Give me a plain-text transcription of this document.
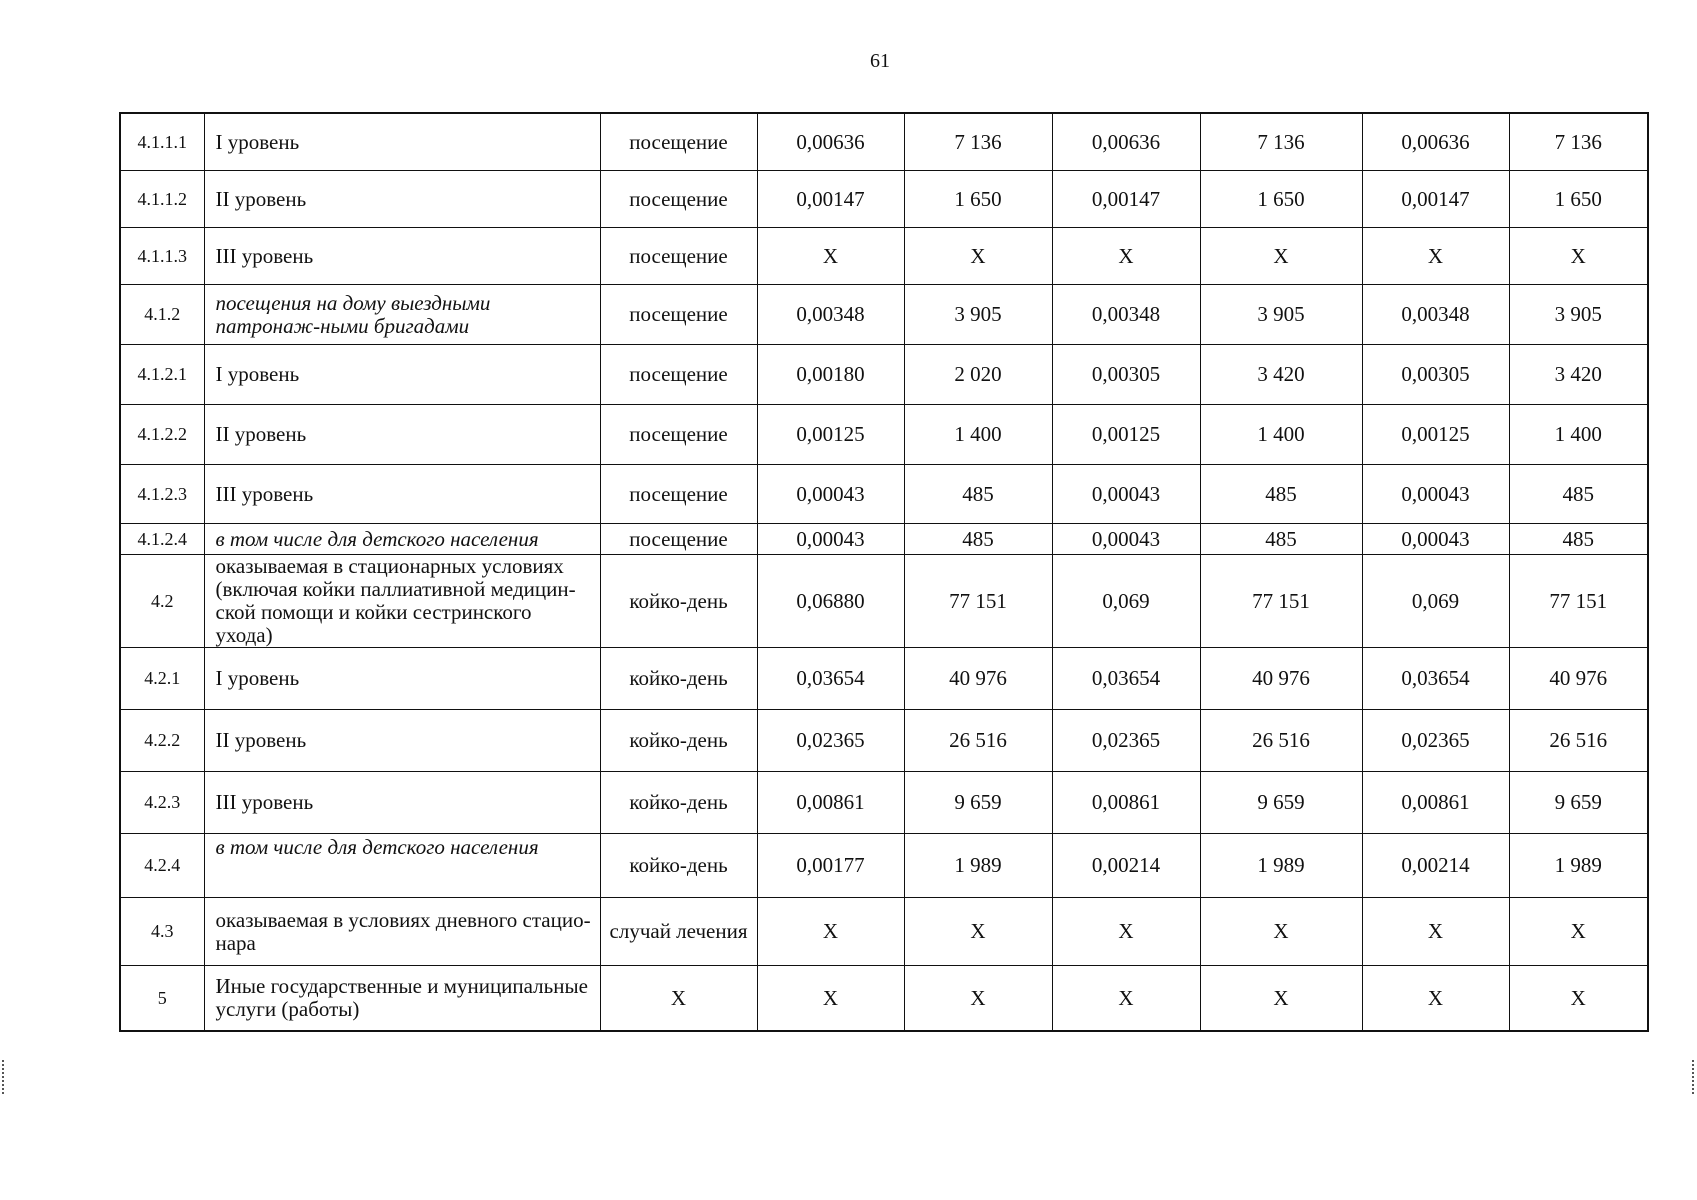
61
4.1.1.1	I уровень	посещение	0,00636	7 136	0,00636	7 136	0,00636	7 136
4.1.1.2	II уровень	посещение	0,00147	1 650	0,00147	1 650	0,00147	1 650
4.1.1.3	III уровень	посещение	Х	Х	Х	Х	Х	Х
4.1.2	посещения на дому выездными патронаж-ными бригадами	посещение	0,00348	3 905	0,00348	3 905	0,00348	3 905
4.1.2.1	I уровень	посещение	0,00180	2 020	0,00305	3 420	0,00305	3 420
4.1.2.2	II уровень	посещение	0,00125	1 400	0,00125	1 400	0,00125	1 400
4.1.2.3	III уровень	посещение	0,00043	485	0,00043	485	0,00043	485
4.1.2.4	в том числе для детского населения	посещение	0,00043	485	0,00043	485	0,00043	485
4.2	оказываемая в стационарных условиях (включая койки паллиативной медицин-ской помощи и койки сестринского ухода)	койко-день	0,06880	77 151	0,069	77 151	0,069	77 151
4.2.1	I уровень	койко-день	0,03654	40 976	0,03654	40 976	0,03654	40 976
4.2.2	II уровень	койко-день	0,02365	26 516	0,02365	26 516	0,02365	26 516
4.2.3	III уровень	койко-день	0,00861	9 659	0,00861	9 659	0,00861	9 659
4.2.4	в том числе для детского населения	койко-день	0,00177	1 989	0,00214	1 989	0,00214	1 989
4.3	оказываемая в условиях дневного стацио-нара	случай лечения	Х	Х	Х	Х	Х	Х
5	Иные государственные и муниципальные услуги (работы)	Х	Х	Х	Х	Х	Х	Х
